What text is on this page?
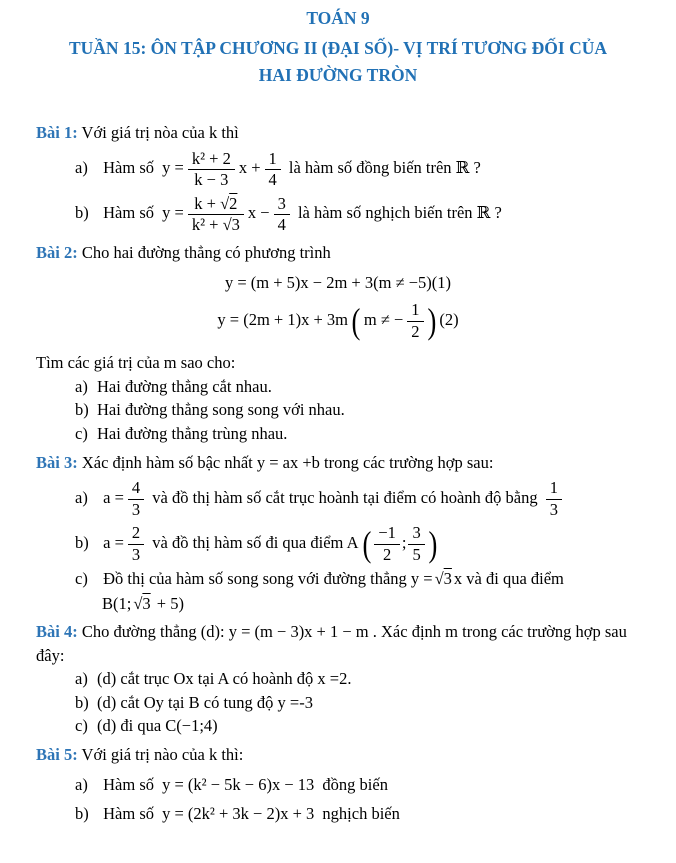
TOÁN 9
TUẦN 15: ÔN TẬP CHƯƠNG II (ĐẠI SỐ)- VỊ TRÍ TƯƠNG ĐỐI CỦA HAI ĐƯỜNG TRÒN

Bài 1: Với giá trị nòa của k thì

a) Hàm số $y = \frac{\text{k² + 2}}{k - 3}$ $x + \frac{1}{4}$ là hàm số đồng biến trên ℝ ?
b) Hàm số $y = \frac{k + √ 2}{\text{k² + √ 3}}$ $x - \frac{3}{4}$ là hàm số nghịch biến trên ℝ ?

Bài 2: Cho hai đường thẳng có phương trình

y = (m + 5)x − 2m + 3(m ≠ −5)(1)
y = (2m + 1)x + 3m( m ≠ − $\frac{1}{2}$ ) (2)

Tìm các giá trị của m sao cho:

a) Hai đường thẳng cắt nhau.
b) Hai đường thẳng song song với nhau.
c) Hai đường thẳng trùng nhau.

Bài 3: Xác định hàm số bậc nhất y = ax +b trong các trường hợp sau:

a) $a = \frac{4}{3}$ và đồ thị hàm số cắt trục hoành tại điểm có hoành độ bằng $\frac{1}{3}$
b) $a = \frac{2}{3}$ và đồ thị hàm số đi qua điểm $A( \frac{-1}{2}$ ; $\frac{3}{5}$ )
c) Đồ thị của hàm số song song với đường thẳng y = √ 3 x và đi qua điểm
B(1; √ 3 + 5)

Bài 4: Cho đường thẳng (d): y = (m − 3)x + 1 − m . Xác định m trong các trường hợp sau đây:

a) (d) cắt trục Ox tại A có hoành độ x =2.
b) (d) cắt Oy tại B có tung độ y =-3
c) (d) đi qua C(−1;4)

Bài 5: Với giá trị nào của k thì:

a) Hàm số y = (k² − 5k − 6)x − 13 đồng biến
b) Hàm số y = (2k² + 3k − 2)x + 3 nghịch biến
